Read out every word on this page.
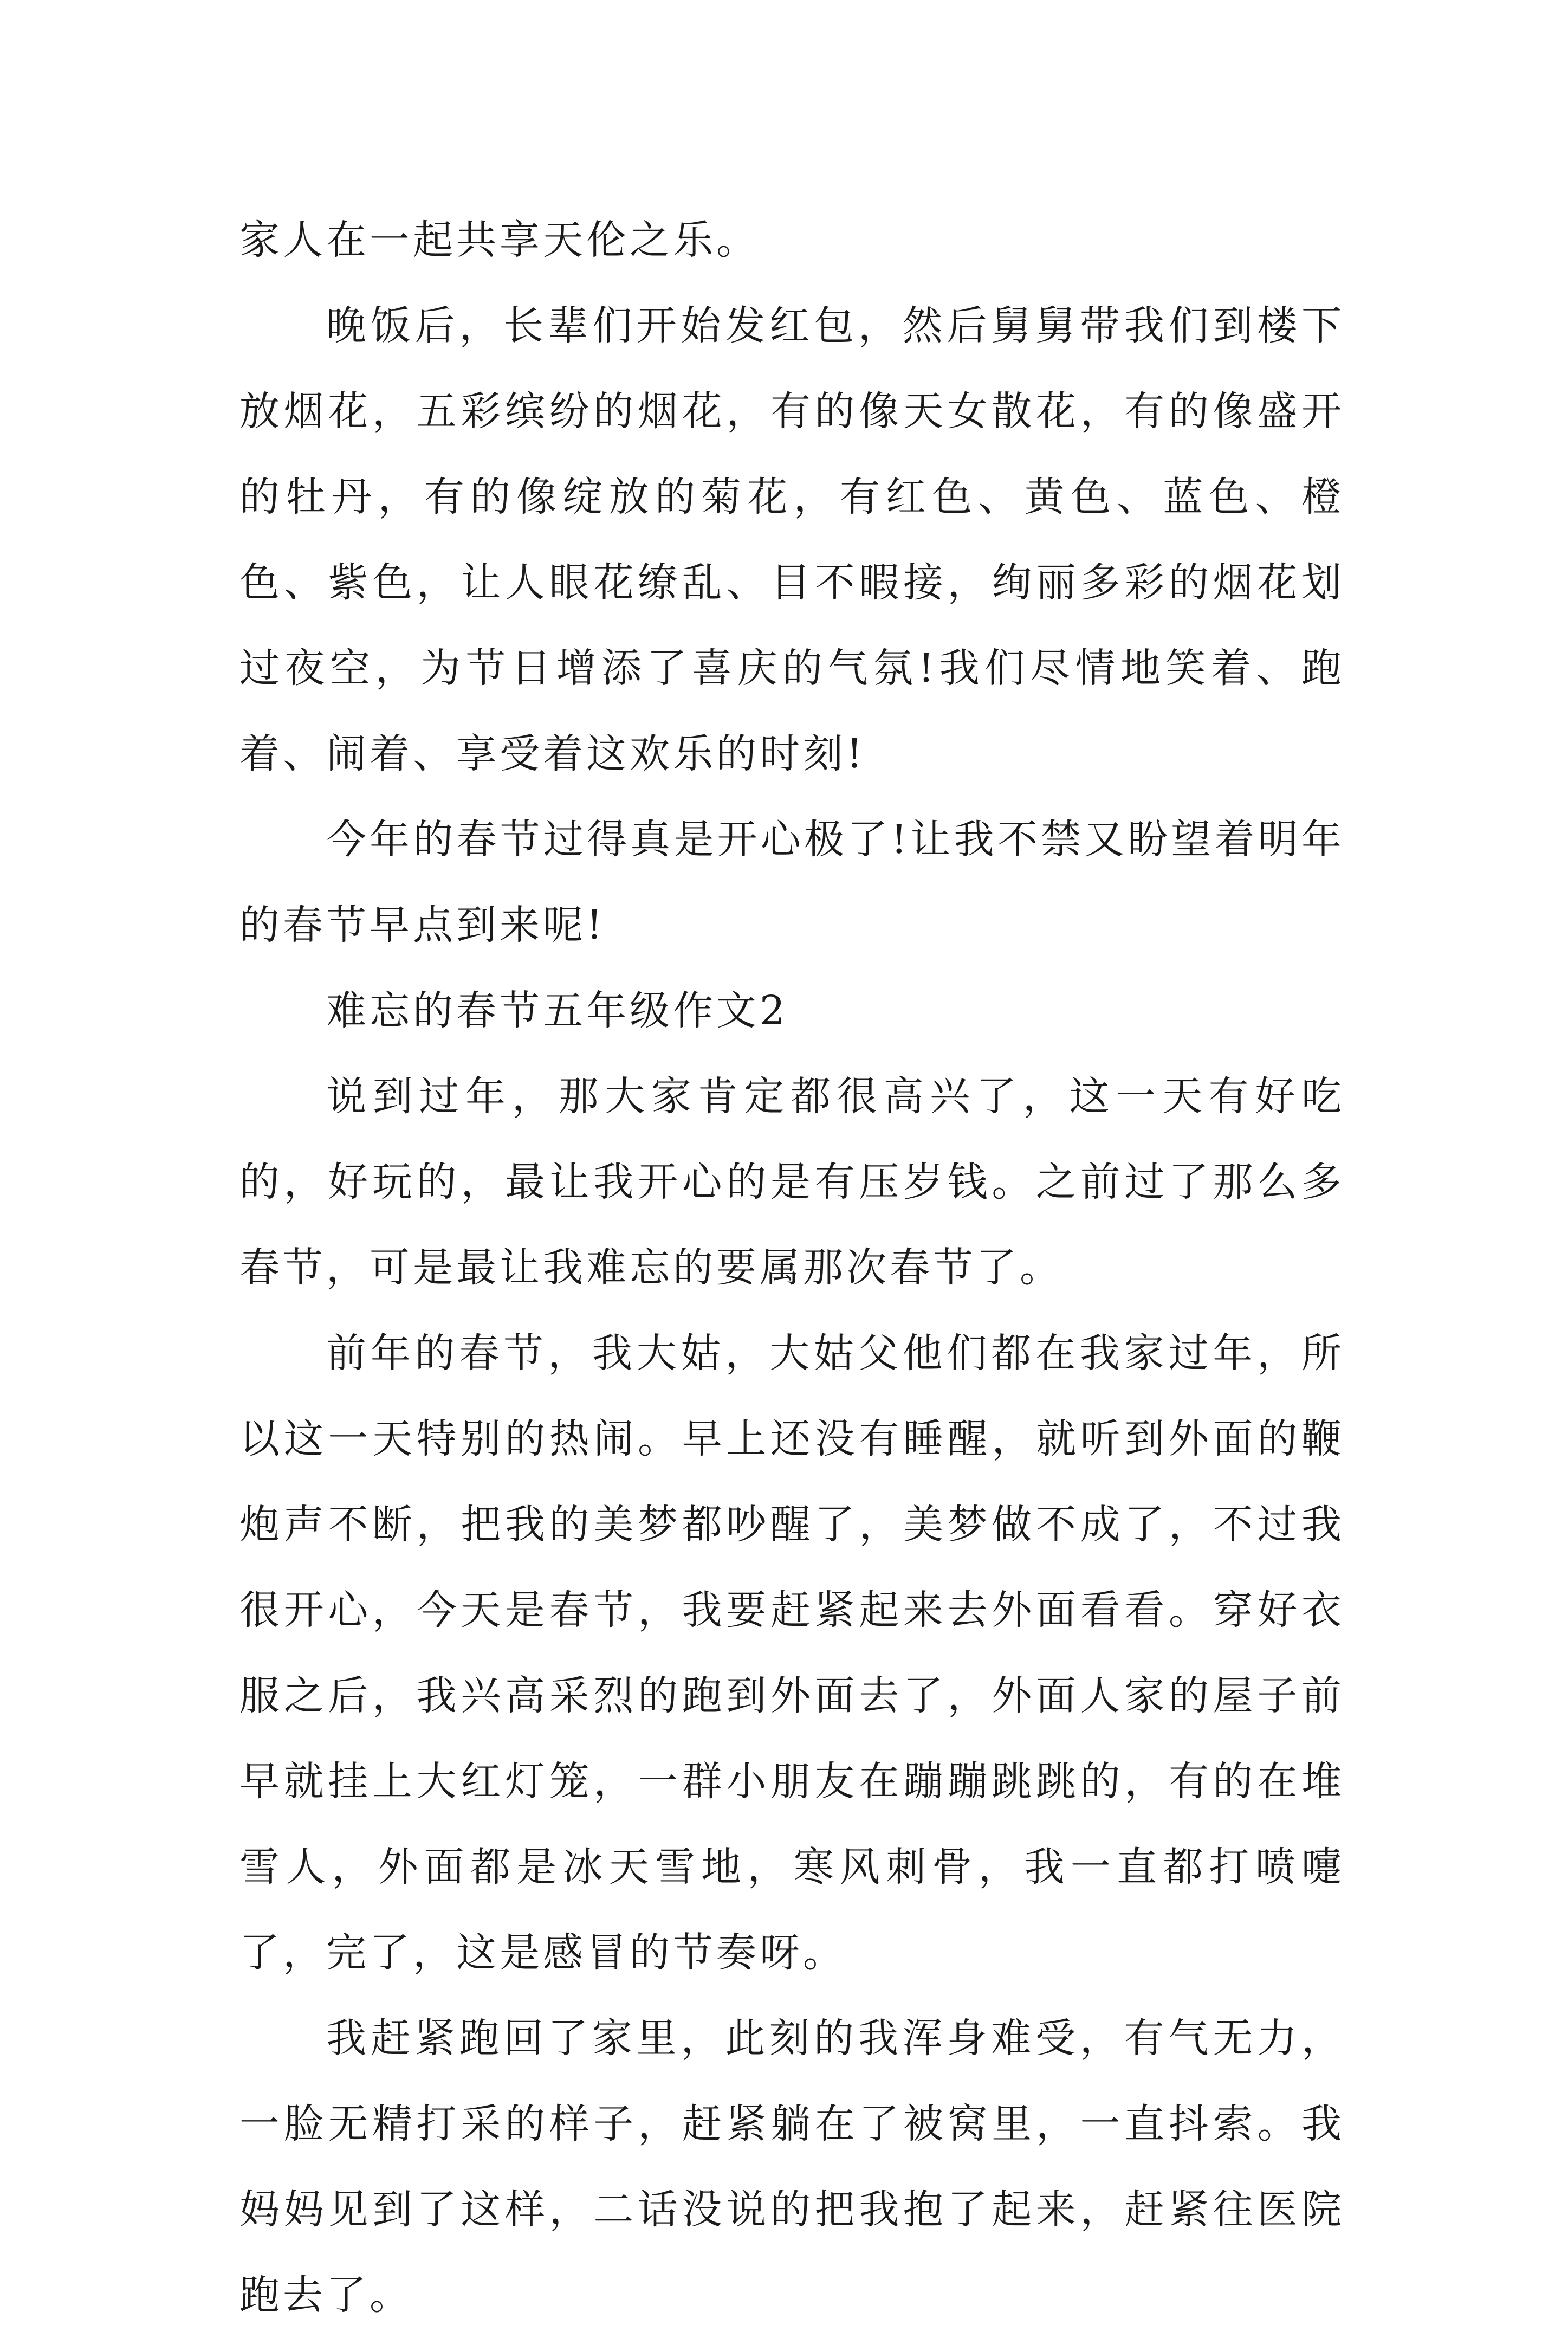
家人在一起共享天伦之乐。

晚饭后，长辈们开始发红包，然后舅舅带我们到楼下放烟花，五彩缤纷的烟花，有的像天女散花，有的像盛开的牡丹，有的像绽放的菊花，有红色、黄色、蓝色、橙色、紫色，让人眼花缭乱、目不暇接，绚丽多彩的烟花划过夜空，为节日增添了喜庆的气氛!我们尽情地笑着、跑着、闹着、享受着这欢乐的时刻!

今年的春节过得真是开心极了!让我不禁又盼望着明年的春节早点到来呢!

难忘的春节五年级作文2

说到过年，那大家肯定都很高兴了，这一天有好吃的，好玩的，最让我开心的是有压岁钱。之前过了那么多春节，可是最让我难忘的要属那次春节了。

前年的春节，我大姑，大姑父他们都在我家过年，所以这一天特别的热闹。早上还没有睡醒，就听到外面的鞭炮声不断，把我的美梦都吵醒了，美梦做不成了，不过我很开心，今天是春节，我要赶紧起来去外面看看。穿好衣服之后，我兴高采烈的跑到外面去了，外面人家的屋子前早就挂上大红灯笼，一群小朋友在蹦蹦跳跳的，有的在堆雪人，外面都是冰天雪地，寒风刺骨，我一直都打喷嚏了，完了，这是感冒的节奏呀。

我赶紧跑回了家里，此刻的我浑身难受，有气无力，一脸无精打采的样子，赶紧躺在了被窝里，一直抖索。我妈妈见到了这样，二话没说的把我抱了起来，赶紧往医院跑去了。
